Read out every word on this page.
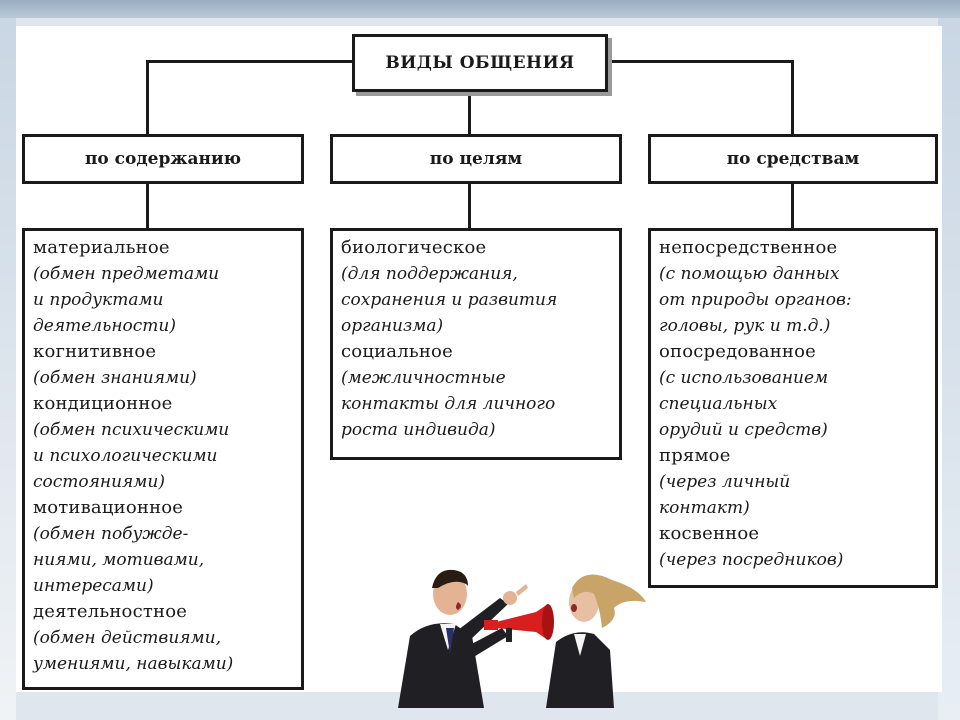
ВИДЫ ОБЩЕНИЯ
по содержанию	по целям	по средствам
материальное
(обмен предметами
и продуктами
деятельности)
когнитивное
(обмен знаниями)
кондиционное
(обмен психическими
и психологическими
состояниями)
мотивационное
(обмен побужде-
ниями, мотивами,
интересами)
деятельностное
(обмен действиями,
умениями, навыками)
биологическое
(для поддержания,
сохранения и развития
организма)
социальное
(межличностные
контакты для личного
роста индивида)
непосредственное
(с помощью данных
от природы органов:
головы, рук и т.д.)
опосредованное
(с использованием
специальных
орудий и средств)
прямое
(через личный
контакт)
косвенное
(через посредников)
